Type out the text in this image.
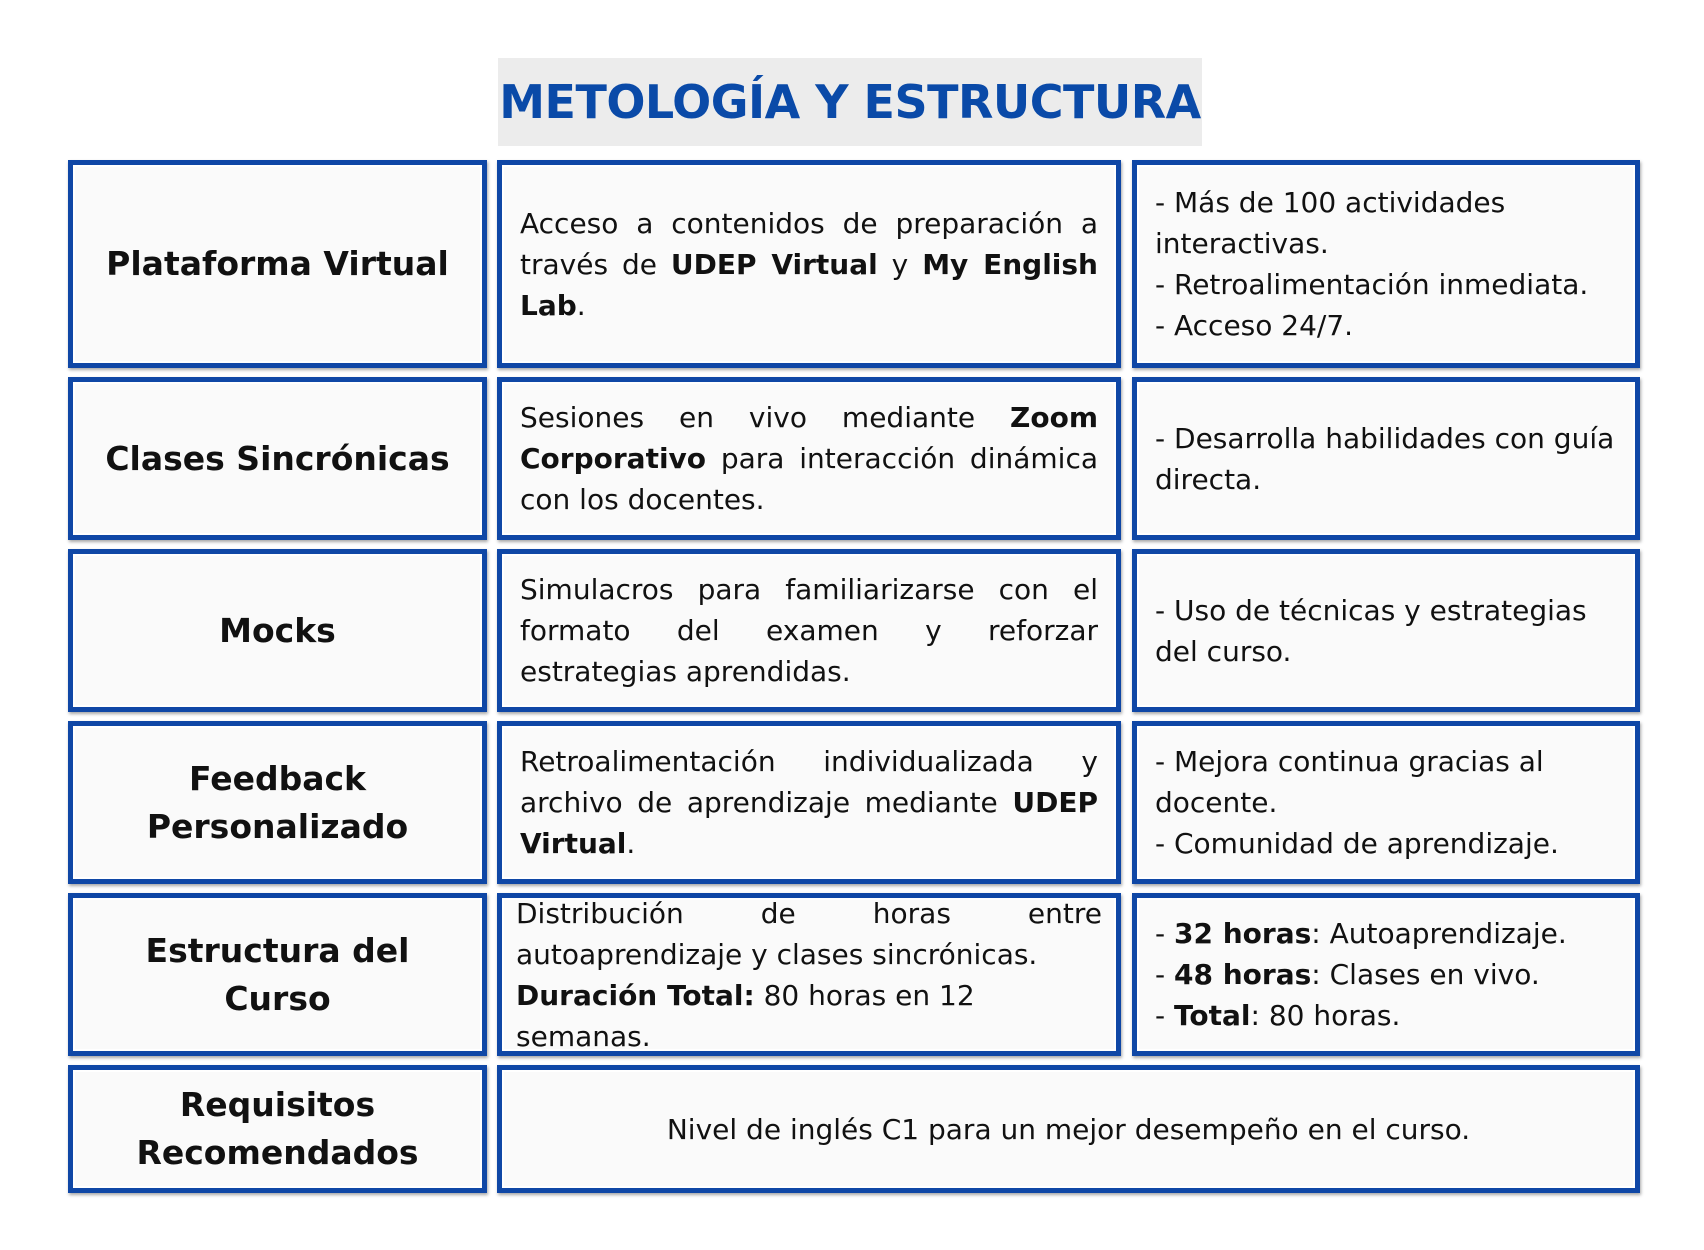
METOLOGÍA Y ESTRUCTURA
Plataforma Virtual

Acceso a contenidos de preparación a través de UDEP Virtual y My English Lab.

- Más de 100 actividades interactivas.

- Retroalimentación inmediata.

- Acceso 24/7.

Clases Sincrónicas

Sesiones en vivo mediante Zoom Corporativo para interacción dinámica con los docentes.

- Desarrolla habilidades con guía directa.

Mocks

Simulacros para familiarizarse con el formato del examen y reforzar estrategias aprendidas.

- Uso de técnicas y estrategias del curso.

Feedback
Personalizado

Retroalimentación individualizada y archivo de aprendizaje mediante UDEP Virtual.

- Mejora continua gracias al docente.

- Comunidad de aprendizaje.

Estructura del Curso

Distribución de horas entre autoaprendizaje y clases sincrónicas.

Duración Total: 80 horas en 12 semanas.

- 32 horas: Autoaprendizaje.

- 48 horas: Clases en vivo.

- Total: 80 horas.

Requisitos
Recomendados
Nivel de inglés C1 para un mejor desempeño en el curso.
